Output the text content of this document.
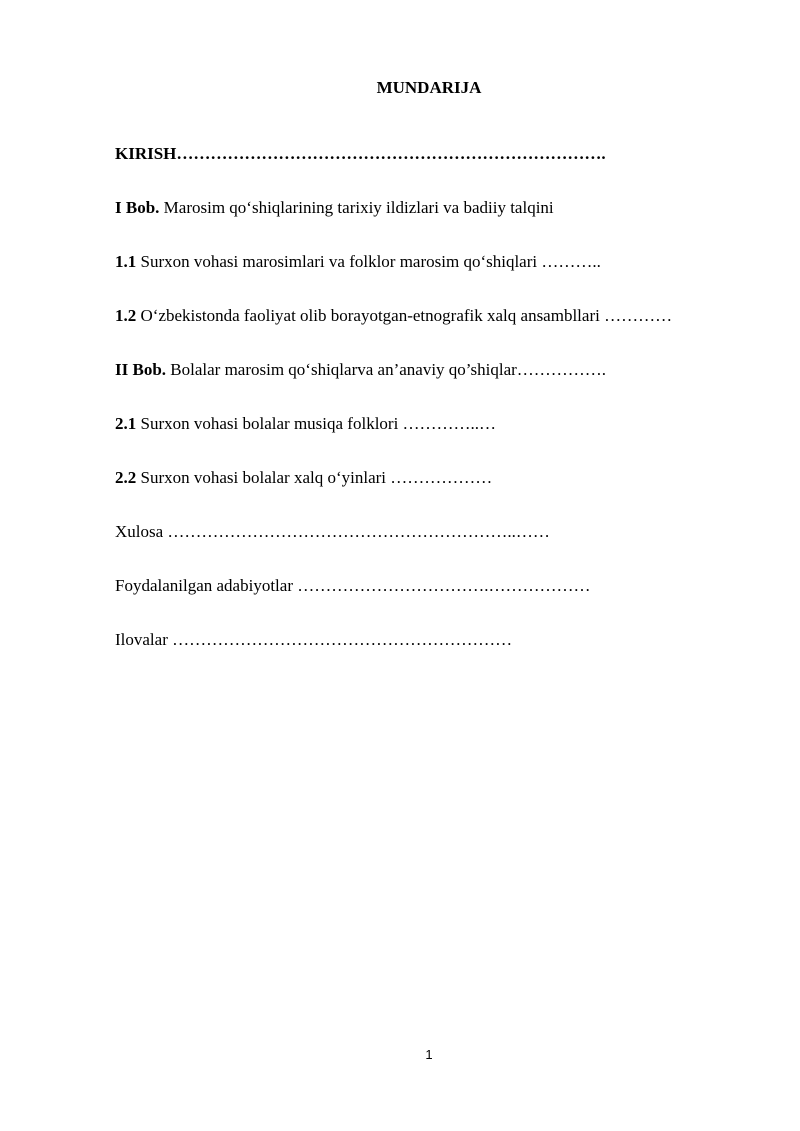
MUNDARIJA
KIRISH………………………………………………………………….
I Bob. Marosim qo‘shiqlarining tarixiy ildizlari va badiiy talqini
1.1 Surxon vohasi marosimlari va folklor marosim qo‘shiqlari ………..
1.2 O‘zbekistonda faoliyat olib borayotgan-etnografik xalq ansambllari …………
II Bob. Bolalar marosim qo‘shiqlarva an’anaviy qo’shiqlar…………….
2.1 Surxon vohasi bolalar musiqa folklori …………..…
2.2 Surxon vohasi bolalar xalq o‘yinlari ………………
Xulosa ……………………………………………………..……
Foydalanilgan adabiyotlar …………………………….………………
Ilovalar ……………………………………………………
1
